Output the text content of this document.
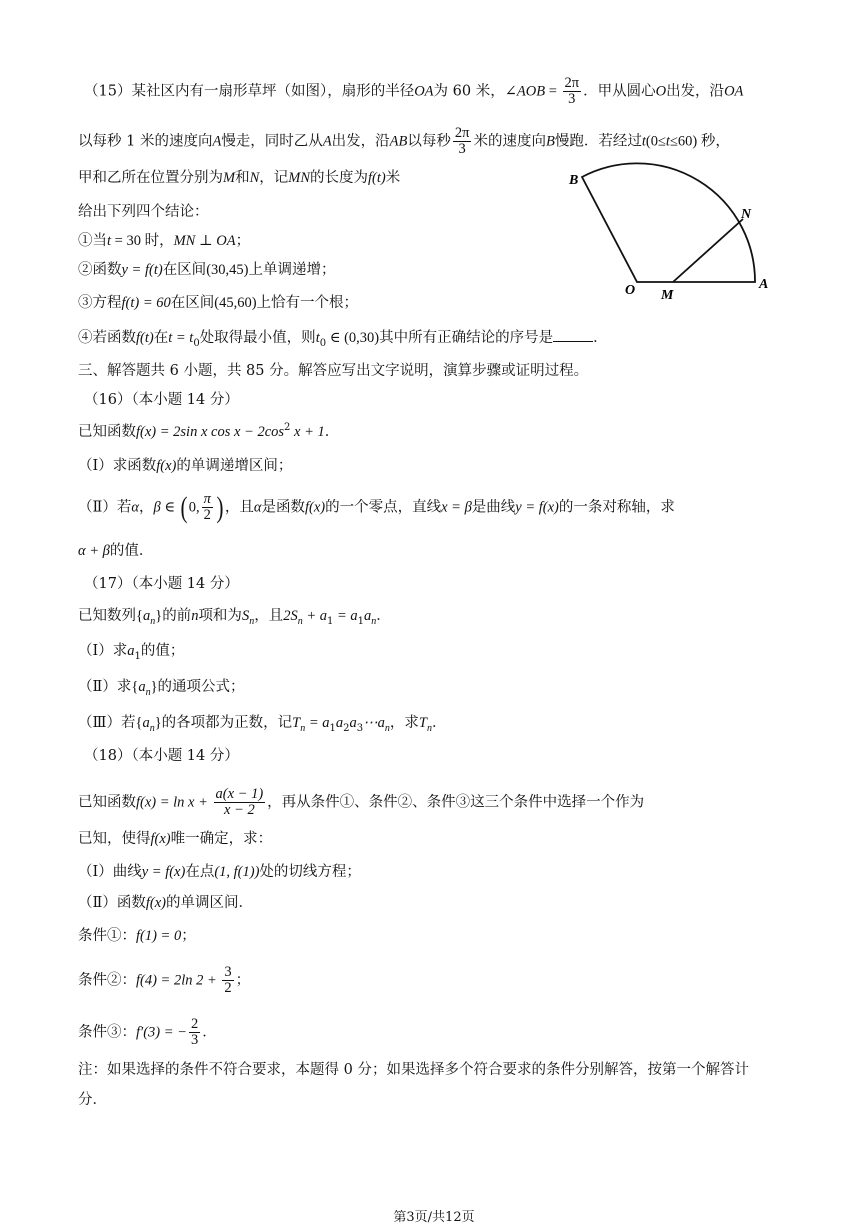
（15）某社区内有一扇形草坪（如图），扇形的半径OA为 60 米，∠AOB = $\frac{2\pi}{3}$ ．甲从圆心O出发，沿OA
以每秒 1 米的速度向A慢走，同时乙从A出发，沿AB以每秒 $\frac{2\pi}{3}$ 米的速度向B慢跑．若经过t(0≤t≤60) 秒，
甲和乙所在位置分别为M和N，记MN的长度为f(t)米
给出下列四个结论：
①当t = 30 时，MN ⊥ OA；
②函数y = f(t)在区间(30,45)上单调递增；
③方程f(t) = 60在区间(45,60)上恰有一个根；
④若函数f(t)在$t = t_0$处取得最小值，则$t_0$ ∈ (0,30)其中所有正确结论的序号是	．
B
N
O M
A
三、解答题共 6 小题，共 85 分。解答应写出文字说明，演算步骤或证明过程。
（16）（本小题 14 分）
已知函数f(x) = 2sin x $\cos x - 2\cos^2$ x + 1．
（Ⅰ）求函数f(x)的单调递增区间；
（Ⅱ）若α，β ∈ ( 0, $\frac{\pi}{2}$ ) ，且α是函数f(x)的一个零点，直线x = β是曲线y = f(x)的一条对称轴，求
α + β的值．
（17）（本小题 14 分）
已知数列$\{a_n\}$的前n项和为$S_n$，且$2S_n + a_1 = a_1a_n$．
（Ⅰ）求$a_1$的值；
（Ⅱ）求$\{a_n\}$的通项公式；
（Ⅲ）若$\{a_n\}$的各项都为正数，记$T_n$ = $a_1a_2a_3\cdots a_n$，求$T_n$．
（18）（本小题 14 分）
已知函数$f(x) = \ln x + \frac{a(x - 1)}{x - 2}$ ，再从条件①、条件②、条件③这三个条件中选择一个作为
已知，使得f(x)唯一确定，求：
（Ⅰ）曲线y = f(x)在点(1, f(1))处的切线方程；
（Ⅱ）函数f(x)的单调区间．
条件①：f(1) = 0；
条件②：f(4) = 2ln $2 + \frac{3}{2}$ ；
条件③：f′(3) = − $\frac{2}{3}$ ．
注：如果选择的条件不符合要求，本题得 0 分；如果选择多个符合要求的条件分别解答，按第一个解答计
分．
第3页/共12页
